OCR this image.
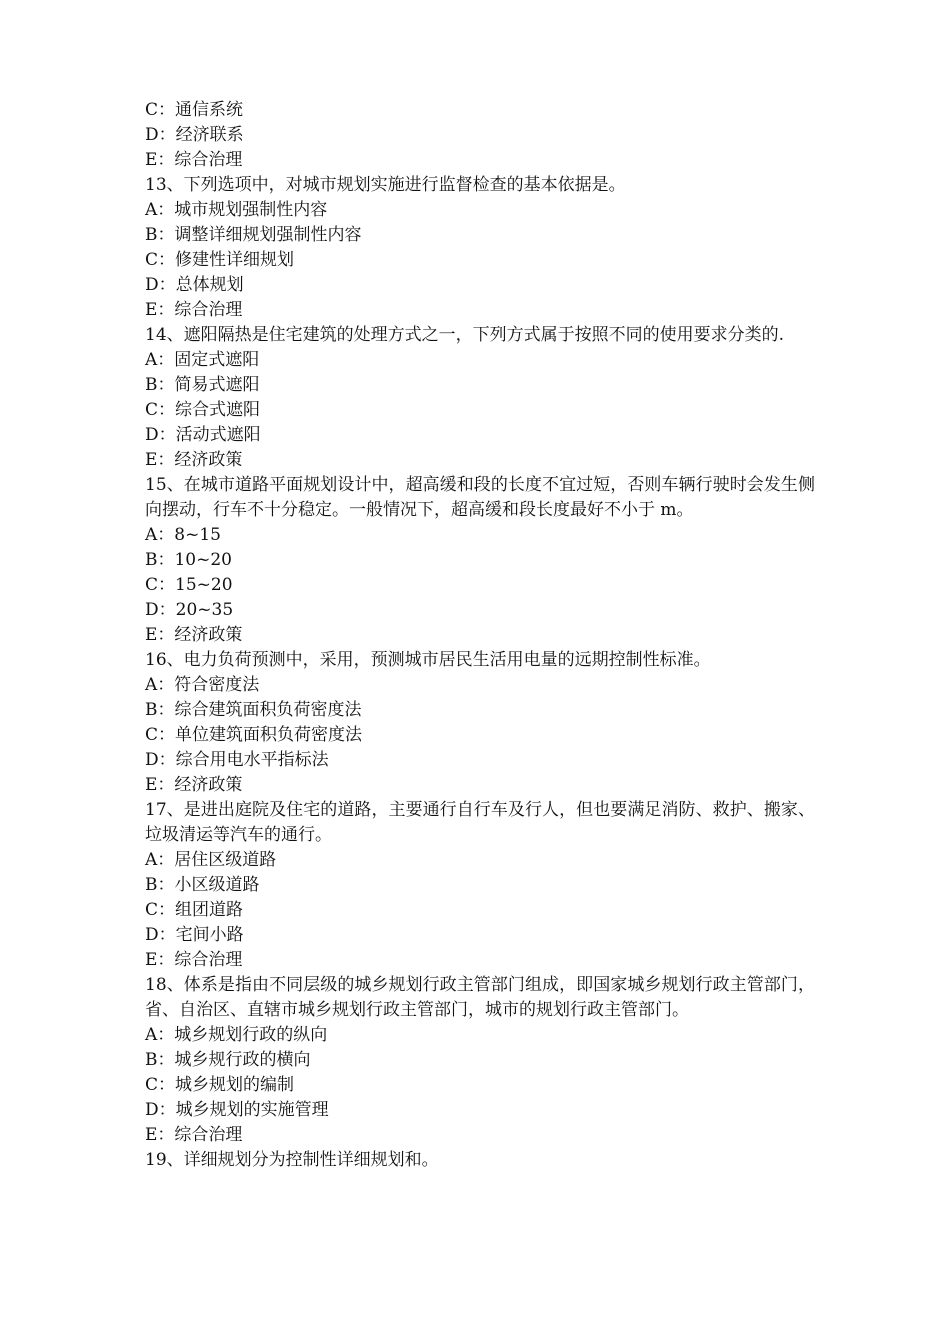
C：通信系统
D：经济联系
E：综合治理
13、下列选项中，对城市规划实施进行监督检查的基本依据是。
A：城市规划强制性内容
B：调整详细规划强制性内容
C：修建性详细规划
D：总体规划
E：综合治理
14、遮阳隔热是住宅建筑的处理方式之一，下列方式属于按照不同的使用要求分类的.
A：固定式遮阳
B：简易式遮阳
C：综合式遮阳
D：活动式遮阳
E：经济政策
15、在城市道路平面规划设计中，超高缓和段的长度不宜过短，否则车辆行驶时会发生侧向摆动，行车不十分稳定。一般情况下，超高缓和段长度最好不小于 m。
A：8~15
B：10~20
C：15~20
D：20~35
E：经济政策
16、电力负荷预测中，采用，预测城市居民生活用电量的远期控制性标准。
A：符合密度法
B：综合建筑面积负荷密度法
C：单位建筑面积负荷密度法
D：综合用电水平指标法
E：经济政策
17、是进出庭院及住宅的道路，主要通行自行车及行人，但也要满足消防、救护、搬家、垃圾清运等汽车的通行。
A：居住区级道路
B：小区级道路
C：组团道路
D：宅间小路
E：综合治理
18、体系是指由不同层级的城乡规划行政主管部门组成，即国家城乡规划行政主管部门，省、自治区、直辖市城乡规划行政主管部门，城市的规划行政主管部门。
A：城乡规划行政的纵向
B：城乡规行政的横向
C：城乡规划的编制
D：城乡规划的实施管理
E：综合治理
19、详细规划分为控制性详细规划和。
